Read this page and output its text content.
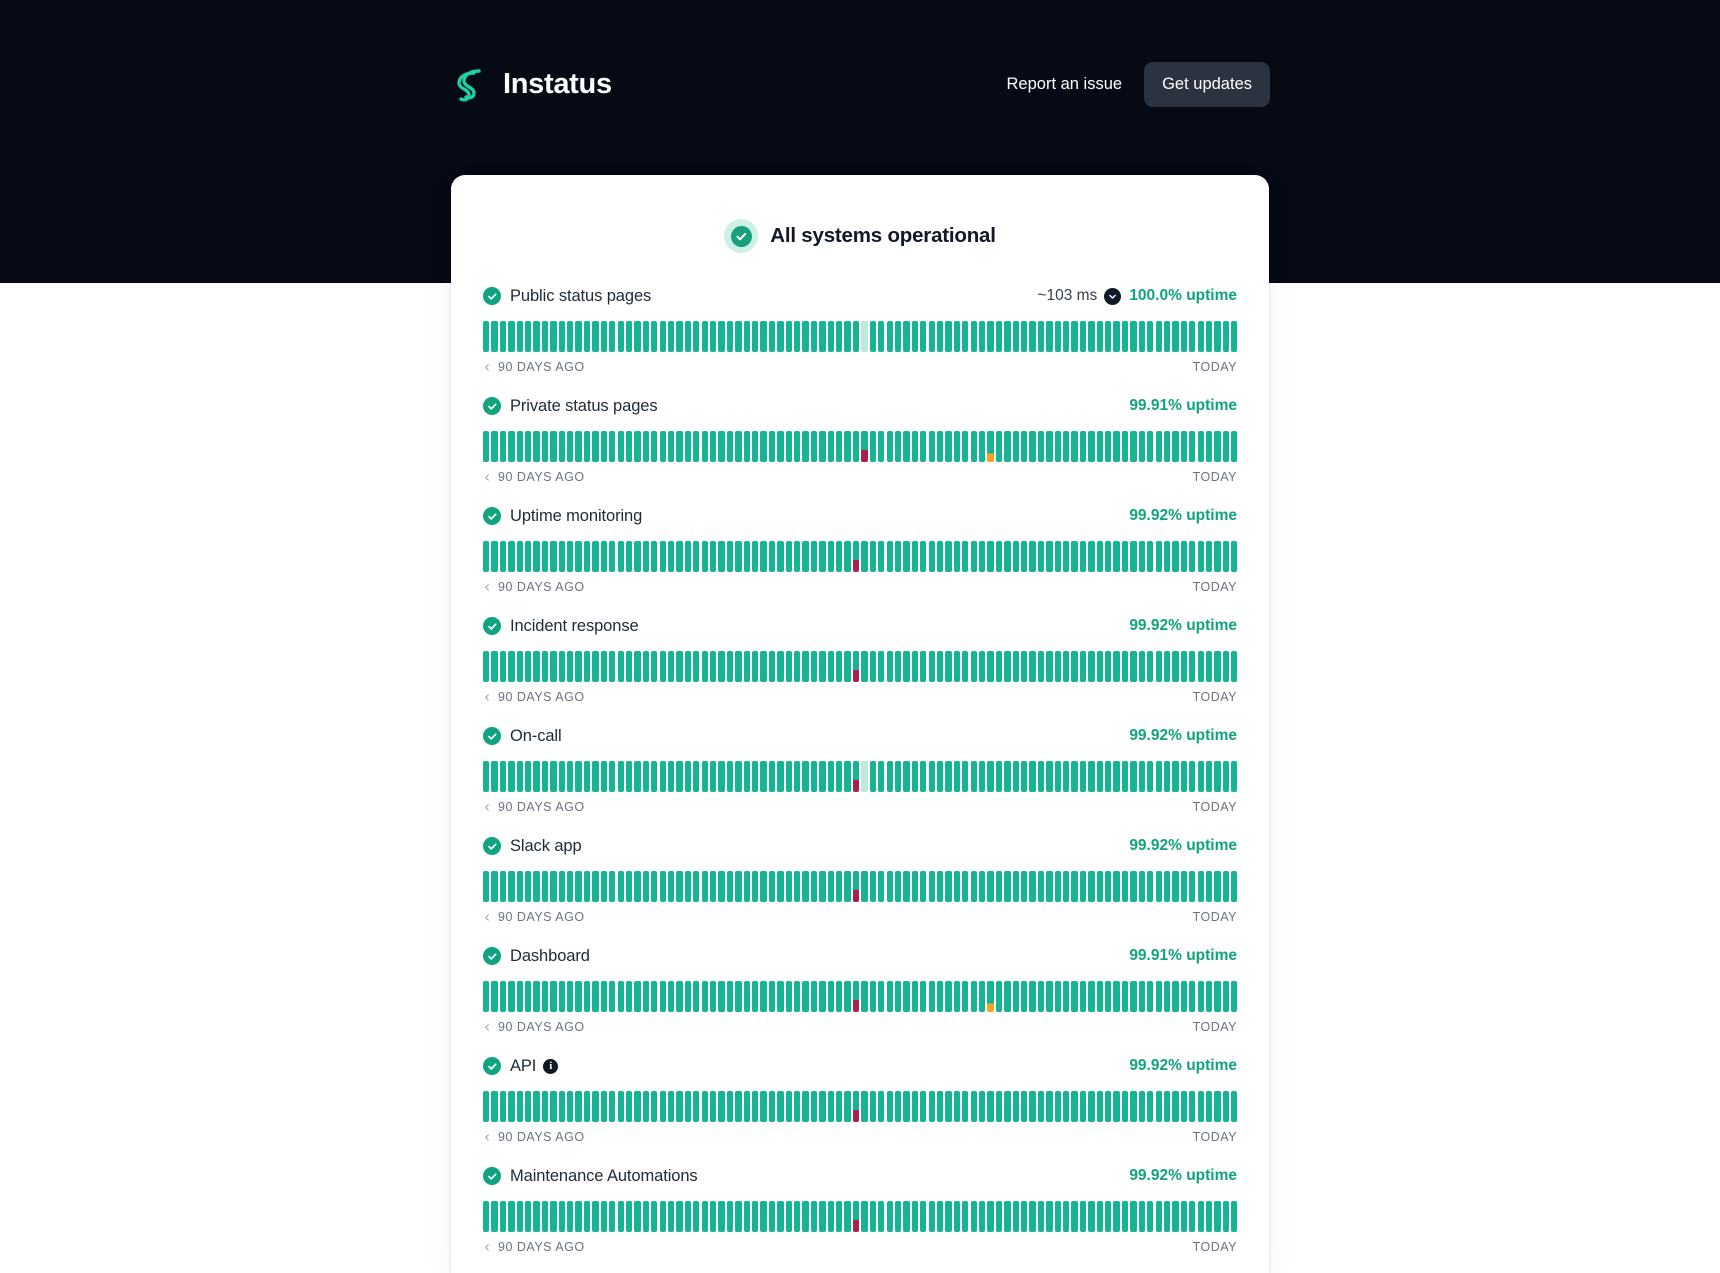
Instatus	Report an issue	Get updates
All systems operational
Public status pages	~103 ms 100.0% uptime
90 DAYS AGO	TODAY
Private status pages	99.91% uptime
90 DAYS AGO	TODAY
Uptime monitoring	99.92% uptime
90 DAYS AGO	TODAY
Incident response	99.92% uptime
90 DAYS AGO	TODAY
On-call	99.92% uptime
90 DAYS AGO	TODAY
Slack app	99.92% uptime
90 DAYS AGO	TODAY
Dashboard	99.91% uptime
90 DAYS AGO	TODAY
API	i	99.92% uptime
90 DAYS AGO	TODAY
Maintenance Automations	99.92% uptime
90 DAYS AGO	TODAY
